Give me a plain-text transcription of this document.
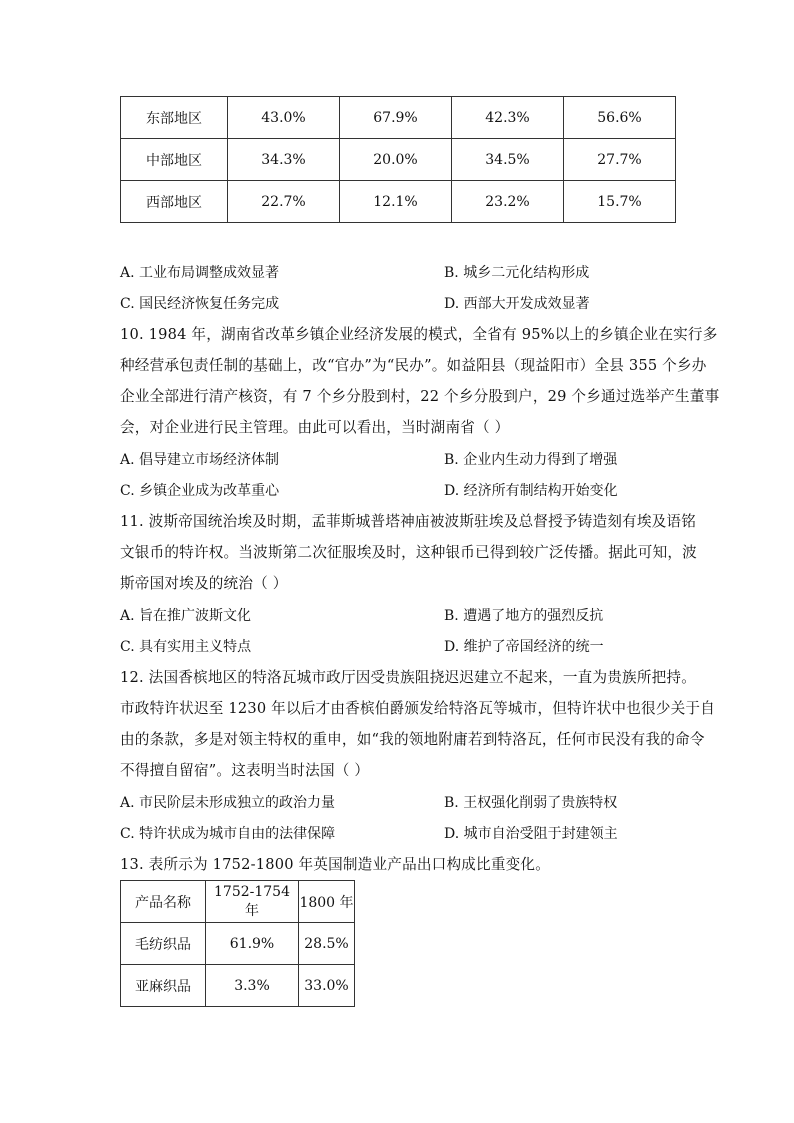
东部地区	43.0%	67.9%	42.3%	56.6%
中部地区	34.3%	20.0%	34.5%	27.7%
西部地区	22.7%	12.1%	23.2%	15.7%
A. 工业布局调整成效显著	B. 城乡二元化结构形成
C. 国民经济恢复任务完成	D. 西部大开发成效显著
10. 1984 年，湖南省改革乡镇企业经济发展的模式，全省有 95%以上的乡镇企业在实行多
种经营承包责任制的基础上，改“官办”为“民办”。如益阳县（现益阳市）全县 355 个乡办
企业全部进行清产核资，有 7 个乡分股到村，22 个乡分股到户，29 个乡通过选举产生董事
会，对企业进行民主管理。由此可以看出，当时湖南省（ ）
A. 倡导建立市场经济体制	B. 企业内生动力得到了增强
C. 乡镇企业成为改革重心	D. 经济所有制结构开始变化
11. 波斯帝国统治埃及时期，孟菲斯城普塔神庙被波斯驻埃及总督授予铸造刻有埃及语铭
文银币的特许权。当波斯第二次征服埃及时，这种银币已得到较广泛传播。据此可知，波
斯帝国对埃及的统治（ ）
A. 旨在推广波斯文化	B. 遭遇了地方的强烈反抗
C. 具有实用主义特点	D. 维护了帝国经济的统一
12. 法国香槟地区的特洛瓦城市政厅因受贵族阻挠迟迟建立不起来，一直为贵族所把持。
市政特许状迟至 1230 年以后才由香槟伯爵颁发给特洛瓦等城市，但特许状中也很少关于自
由的条款，多是对领主特权的重申，如“我的领地附庸若到特洛瓦，任何市民没有我的命令
不得擅自留宿”。这表明当时法国（ ）
A. 市民阶层未形成独立的政治力量	B. 王权强化削弱了贵族特权
C. 特许状成为城市自由的法律保障	D. 城市自治受阻于封建领主
13. 表所示为 1752-1800 年英国制造业产品出口构成比重变化。
产品名称	1752-1754 年	1800 年
毛纺织品	61.9%	28.5%
亚麻织品	3.3%	33.0%
